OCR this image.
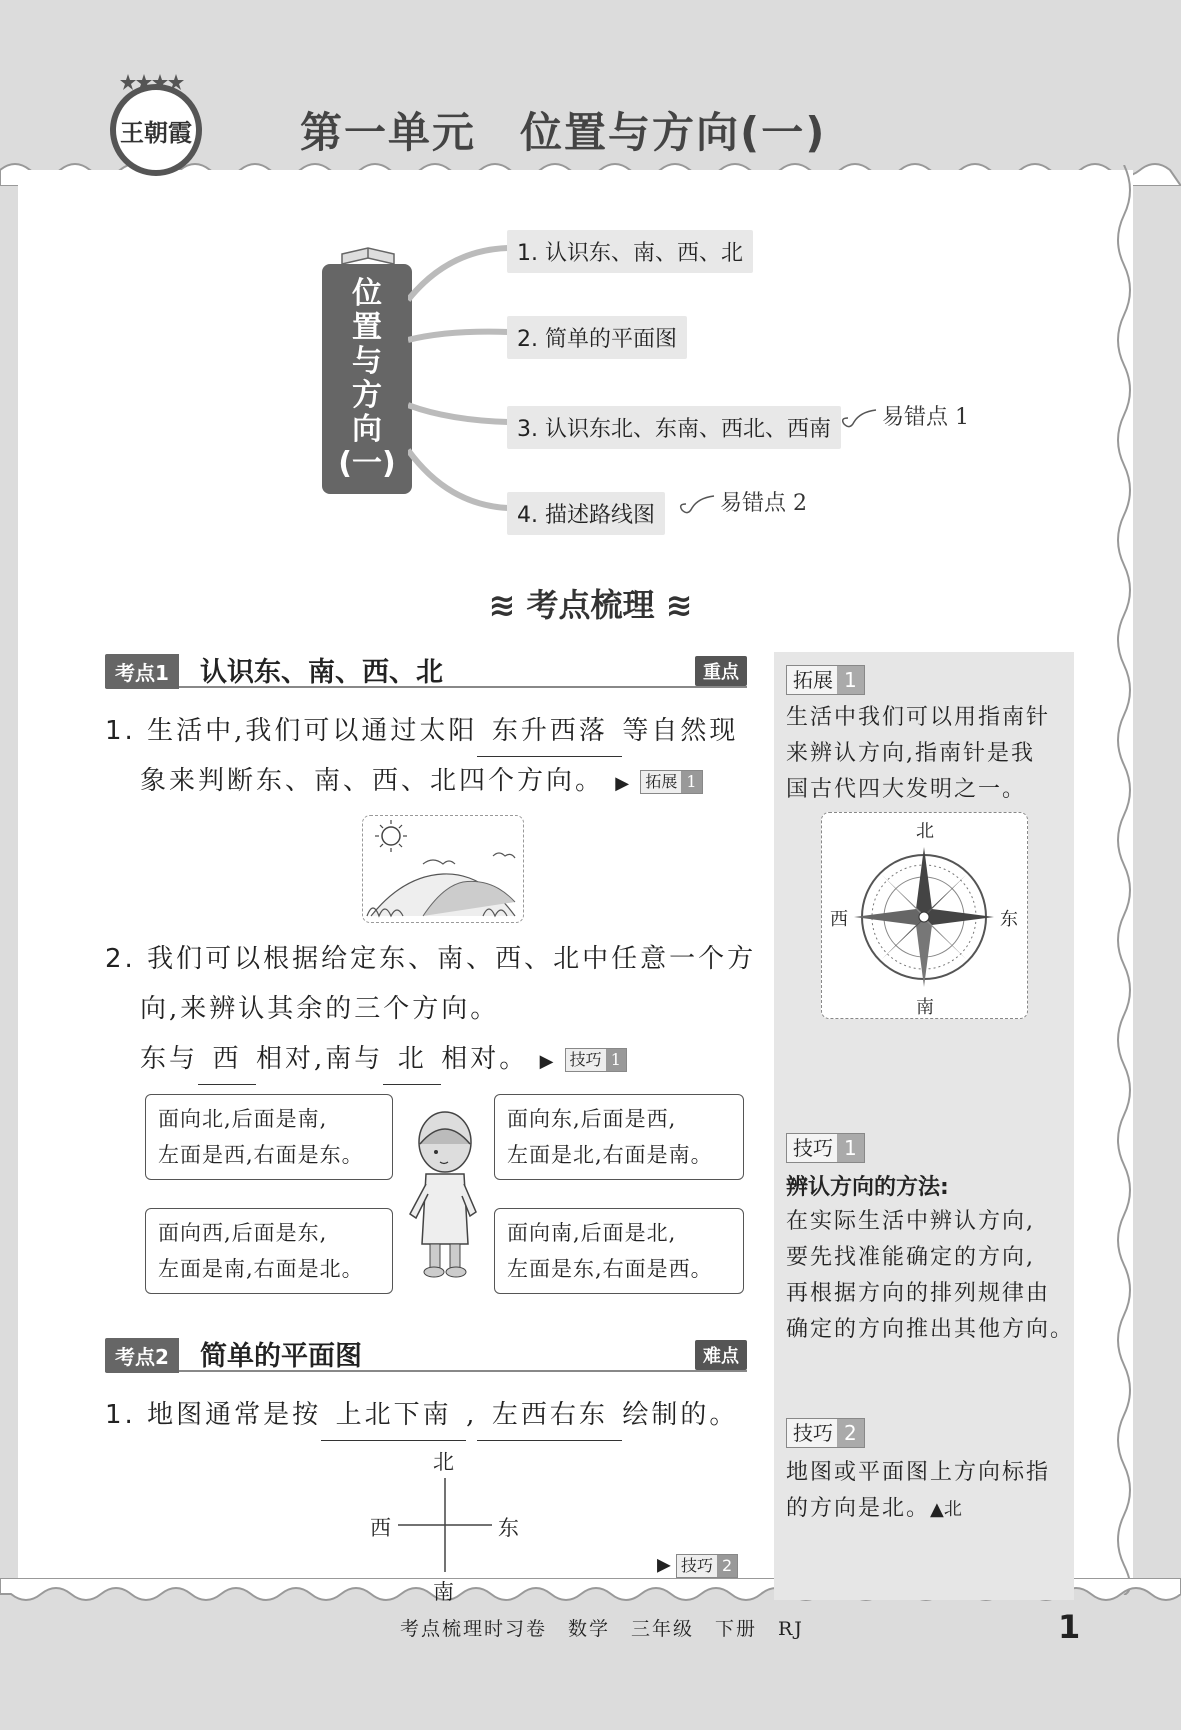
王朝霞	第一单元　位置与方向(一)
位
置
与
方
向
(一)
1. 认识东、南、西、北
2. 简单的平面图
3. 认识东北、东南、西北、西南
4. 描述路线图
易错点 1
易错点 2
≋ 考点梳理 ≋
拓展 1
生活中我们可以用指南针
来辨认方向,指南针是我
国古代四大发明之一。
北
南
西	东
技巧 1
辨认方向的方法:
在实际生活中辨认方向,
要先找准能确定的方向,
再根据方向的排列规律由
确定的方向推出其他方向。
技巧 2
地图或平面图上方向标指
的方向是北。▲北
考点1	认识东、南、西、北	重点
1. 生活中,我们可以通过太阳 东升西落 等自然现
象来判断东、南、西、北四个方向。 ▶ 拓展 1
2. 我们可以根据给定东、南、西、北中任意一个方
向,来辨认其余的三个方向。
东与 西 相对,南与 北 相对。 ▶ 技巧 1
面向北,后面是南,
左面是西,右面是东。
面向东,后面是西,
左面是北,右面是南。
面向西,后面是东,
左面是南,右面是北。
面向南,后面是北,
左面是东,右面是西。
考点2	简单的平面图	难点
1. 地图通常是按 上北下南 , 左西右东 绘制的。
北
南
西	东
▶ 技巧 2
考点梳理时习卷　数学　三年级　下册　RJ	1
